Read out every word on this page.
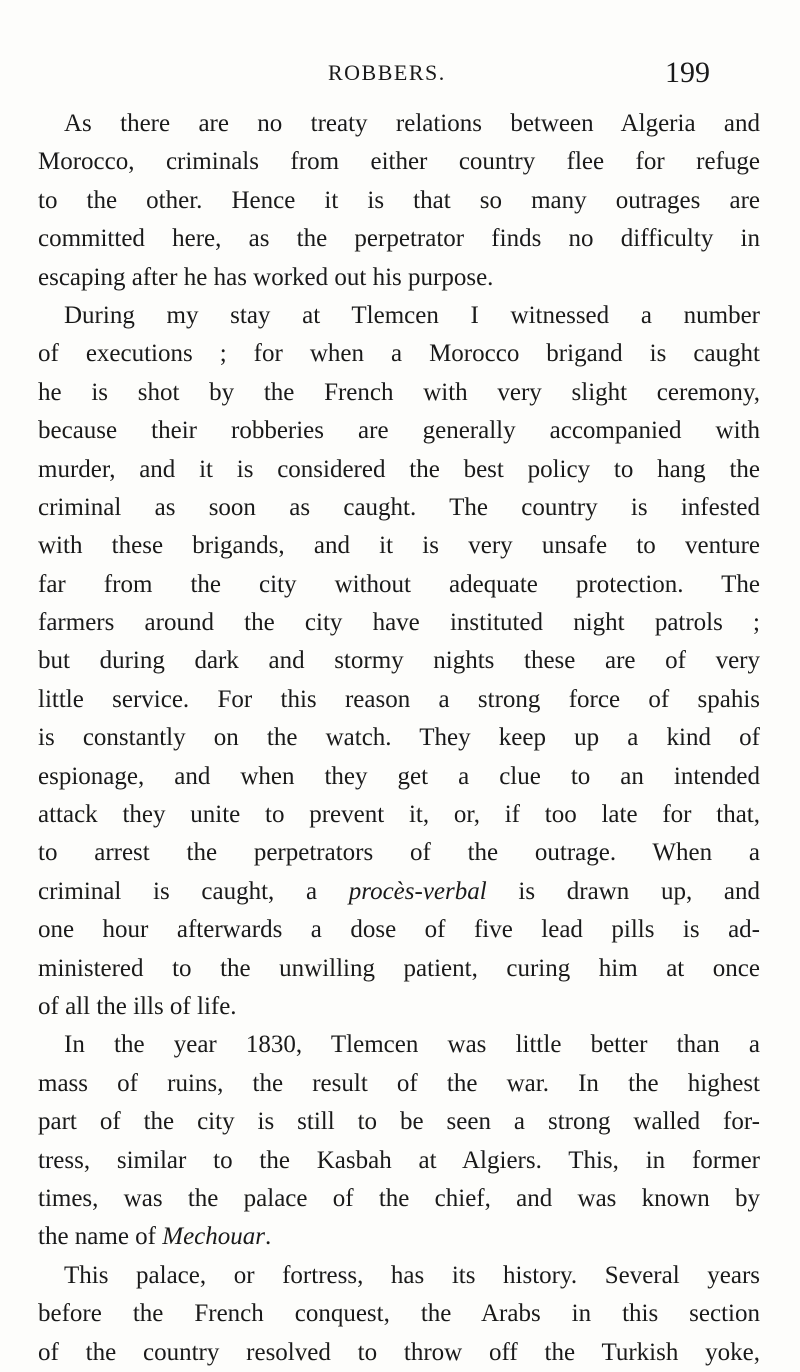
ROBBERS.	199
As there are no treaty relations between Algeria and
Morocco, criminals from either country flee for refuge
to the other. Hence it is that so many outrages are
committed here, as the perpetrator finds no difficulty in
escaping after he has worked out his purpose.
During my stay at Tlemcen I witnessed a number
of executions ; for when a Morocco brigand is caught
he is shot by the French with very slight ceremony,
because their robberies are generally accompanied with
murder, and it is considered the best policy to hang the
criminal as soon as caught. The country is infested
with these brigands, and it is very unsafe to venture
far from the city without adequate protection. The
farmers around the city have instituted night patrols ;
but during dark and stormy nights these are of very
little service. For this reason a strong force of spahis
is constantly on the watch. They keep up a kind of
espionage, and when they get a clue to an intended
attack they unite to prevent it, or, if too late for that,
to arrest the perpetrators of the outrage. When a
criminal is caught, a procès-verbal is drawn up, and
one hour afterwards a dose of five lead pills is ad-
ministered to the unwilling patient, curing him at once
of all the ills of life.
In the year 1830, Tlemcen was little better than a
mass of ruins, the result of the war. In the highest
part of the city is still to be seen a strong walled for-
tress, similar to the Kasbah at Algiers. This, in former
times, was the palace of the chief, and was known by
the name of Mechouar.
This palace, or fortress, has its history. Several years
before the French conquest, the Arabs in this section
of the country resolved to throw off the Turkish yoke,
